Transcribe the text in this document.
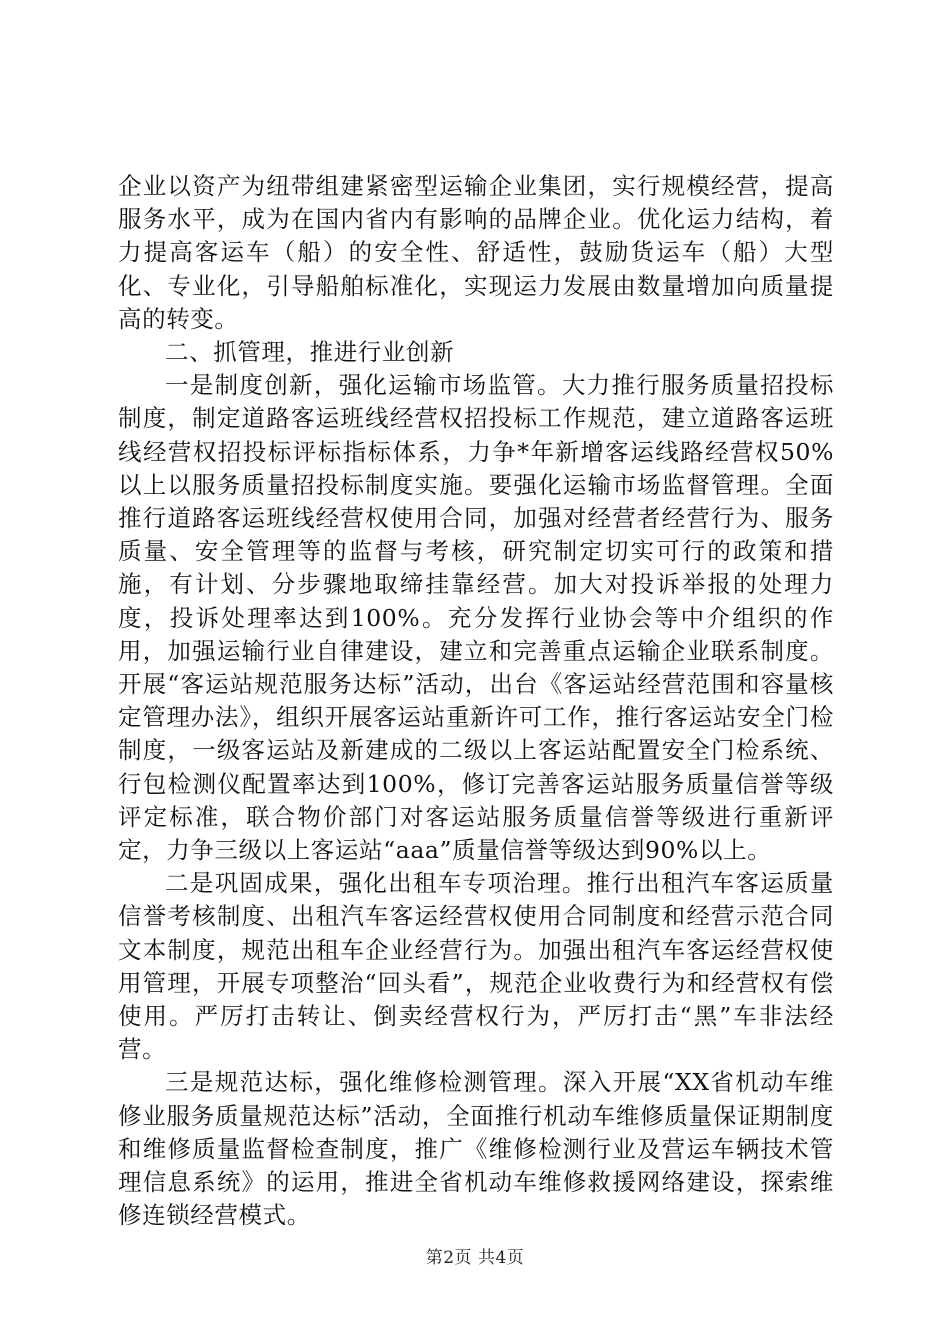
企业以资产为纽带组建紧密型运输企业集团，实行规模经营，提高服务水平，成为在国内省内有影响的品牌企业。优化运力结构，着力提高客运车（船）的安全性、舒适性，鼓励货运车（船）大型化、专业化，引导船舶标准化，实现运力发展由数量增加向质量提高的转变。

二、抓管理，推进行业创新

一是制度创新，强化运输市场监管。大力推行服务质量招投标制度，制定道路客运班线经营权招投标工作规范，建立道路客运班线经营权招投标评标指标体系，力争*年新增客运线路经营权50%以上以服务质量招投标制度实施。要强化运输市场监督管理。全面推行道路客运班线经营权使用合同，加强对经营者经营行为、服务质量、安全管理等的监督与考核，研究制定切实可行的政策和措施，有计划、分步骤地取缔挂靠经营。加大对投诉举报的处理力度，投诉处理率达到100%。充分发挥行业协会等中介组织的作用，加强运输行业自律建设，建立和完善重点运输企业联系制度。开展“客运站规范服务达标”活动，出台《客运站经营范围和容量核定管理办法》，组织开展客运站重新许可工作，推行客运站安全门检制度，一级客运站及新建成的二级以上客运站配置安全门检系统、行包检测仪配置率达到100%，修订完善客运站服务质量信誉等级评定标准，联合物价部门对客运站服务质量信誉等级进行重新评定，力争三级以上客运站“aaa”质量信誉等级达到90%以上。

二是巩固成果，强化出租车专项治理。推行出租汽车客运质量信誉考核制度、出租汽车客运经营权使用合同制度和经营示范合同文本制度，规范出租车企业经营行为。加强出租汽车客运经营权使用管理，开展专项整治“回头看”，规范企业收费行为和经营权有偿使用。严厉打击转让、倒卖经营权行为，严厉打击“黑”车非法经营。

三是规范达标，强化维修检测管理。深入开展“XX省机动车维修业服务质量规范达标”活动，全面推行机动车维修质量保证期制度和维修质量监督检查制度，推广《维修检测行业及营运车辆技术管理信息系统》的运用，推进全省机动车维修救援网络建设，探索维修连锁经营模式。

第2页 共4页
